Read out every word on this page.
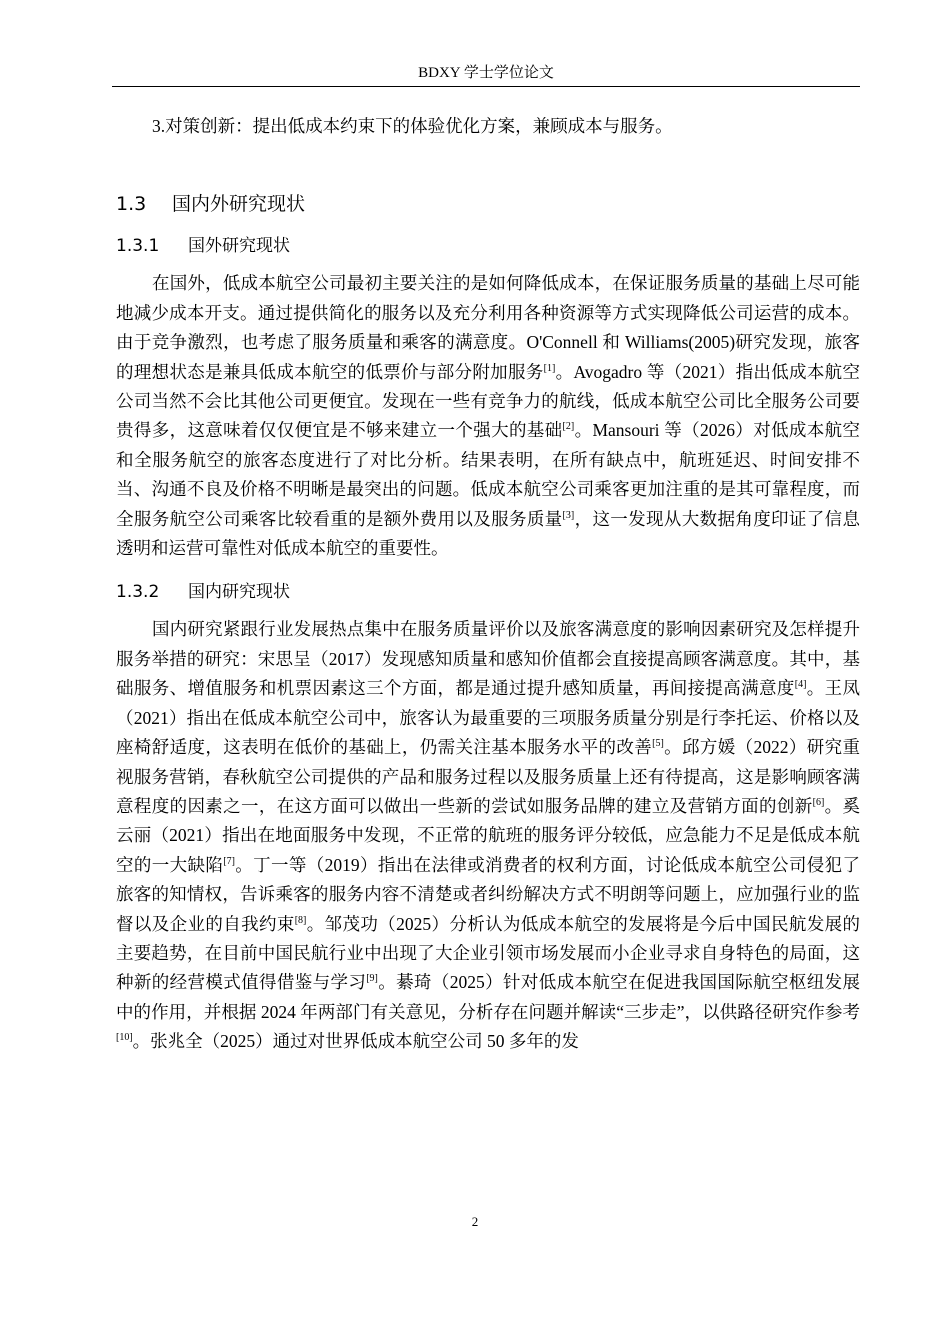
BDXY 学士学位论文

3.对策创新：提出低成本约束下的体验优化方案，兼顾成本与服务。

1.3 国内外研究现状
1.3.1 国外研究现状

在国外，低成本航空公司最初主要关注的是如何降低成本，在保证服务质量的基础上尽可能地减少成本开支。通过提供简化的服务以及充分利用各种资源等方式实现降低公司运营的成本。由于竞争激烈，也考虑了服务质量和乘客的满意度。O'Connell 和 Williams(2005)研究发现，旅客的理想状态是兼具低成本航空的低票价与部分附加服务[1]。Avogadro 等（2021）指出低成本航空公司当然不会比其他公司更便宜。发现在一些有竞争力的航线，低成本航空公司比全服务公司要贵得多，这意味着仅仅便宜是不够来建立一个强大的基础[2]。Mansouri 等（2026）对低成本航空和全服务航空的旅客态度进行了对比分析。结果表明，在所有缺点中，航班延迟、时间安排不当、沟通不良及价格不明晰是最突出的问题。低成本航空公司乘客更加注重的是其可靠程度，而全服务航空公司乘客比较看重的是额外费用以及服务质量[3]，这一发现从大数据角度印证了信息透明和运营可靠性对低成本航空的重要性。

1.3.2 国内研究现状

国内研究紧跟行业发展热点集中在服务质量评价以及旅客满意度的影响因素研究及怎样提升服务举措的研究：宋思呈（2017）发现感知质量和感知价值都会直接提高顾客满意度。其中，基础服务、增值服务和机票因素这三个方面，都是通过提升感知质量，再间接提高满意度[4]。王凤（2021）指出在低成本航空公司中，旅客认为最重要的三项服务质量分别是行李托运、价格以及座椅舒适度，这表明在低价的基础上，仍需关注基本服务水平的改善[5]。邱方媛（2022）研究重视服务营销，春秋航空公司提供的产品和服务过程以及服务质量上还有待提高，这是影响顾客满意程度的因素之一，在这方面可以做出一些新的尝试如服务品牌的建立及营销方面的创新[6]。奚云丽（2021）指出在地面服务中发现，不正常的航班的服务评分较低，应急能力不足是低成本航空的一大缺陷[7]。丁一等（2019）指出在法律或消费者的权利方面，讨论低成本航空公司侵犯了旅客的知情权，告诉乘客的服务内容不清楚或者纠纷解决方式不明朗等问题上，应加强行业的监督以及企业的自我约束[8]。邹茂功（2025）分析认为低成本航空的发展将是今后中国民航发展的主要趋势，在目前中国民航行业中出现了大企业引领市场发展而小企业寻求自身特色的局面，这种新的经营模式值得借鉴与学习[9]。綦琦（2025）针对低成本航空在促进我国国际航空枢纽发展中的作用，并根据 2024 年两部门有关意见，分析存在问题并解读“三步走”，以供路径研究作参考[10]。张兆全（2025）通过对世界低成本航空公司 50 多年的发

2
